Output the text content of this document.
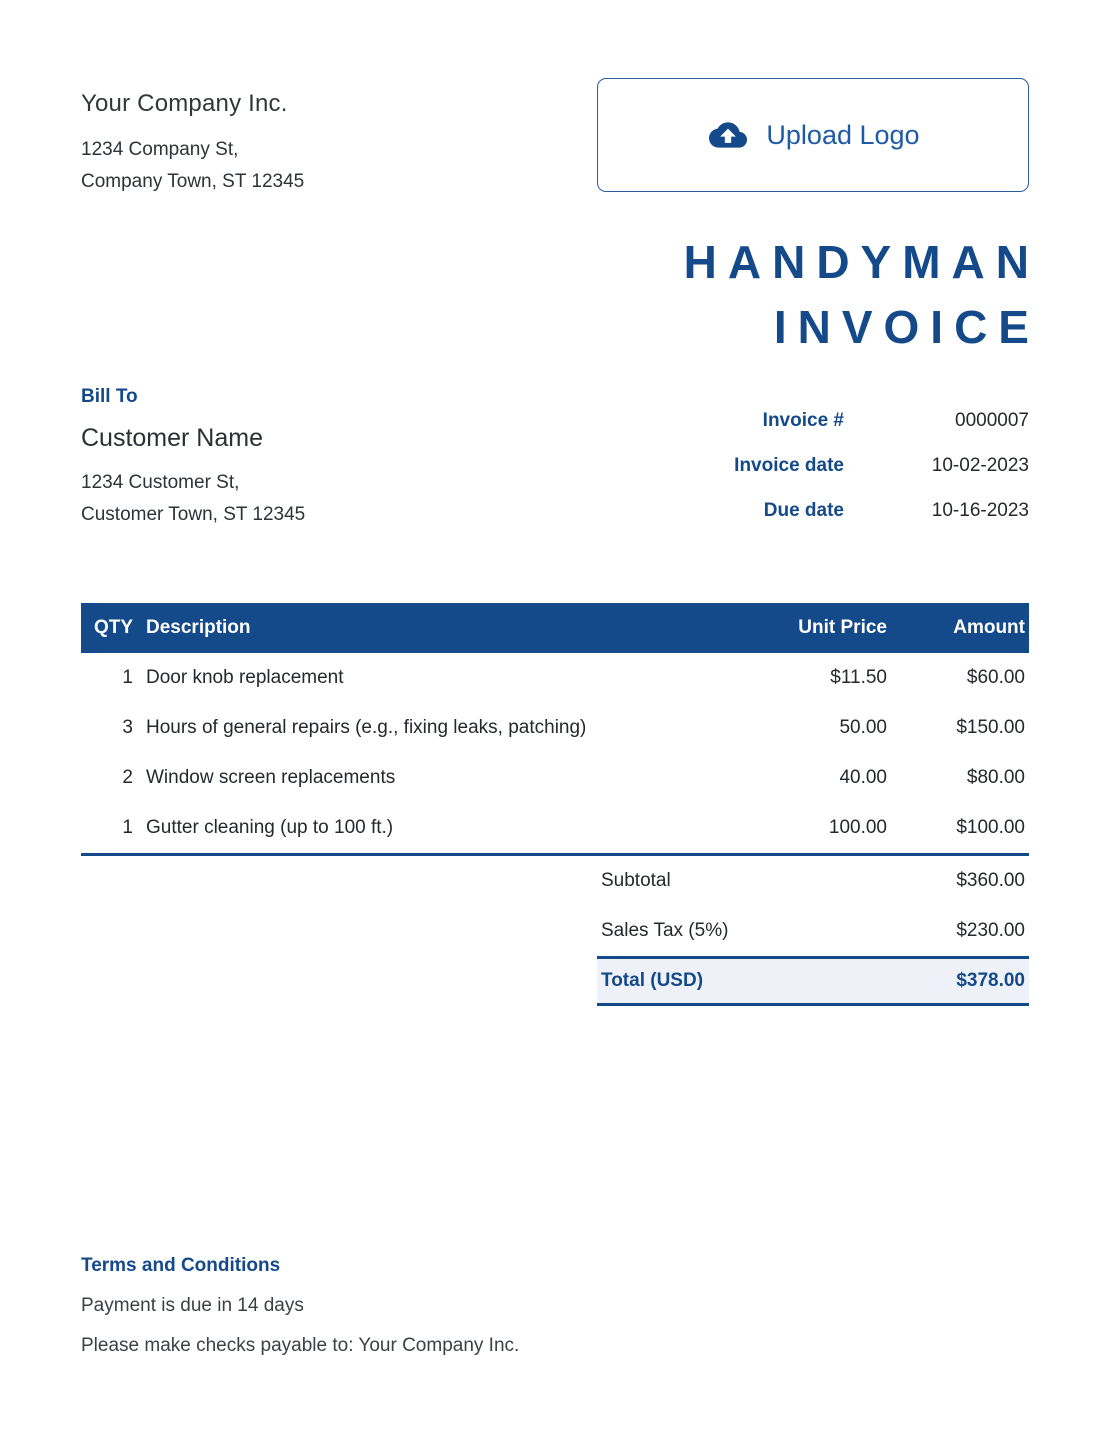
Your Company Inc.
1234 Company St,
Company Town, ST 12345
Upload Logo
HANDYMAN
INVOICE
Bill To
Customer Name
1234 Customer St,
Customer Town, ST 12345
Invoice #	0000007
Invoice date	10-02-2023
Due date	10-16-2023
QTY Description	Unit Price	Amount
1 Door knob replacement	$11.50	$60.00
3 Hours of general repairs (e.g., fixing leaks, patching)	50.00	$150.00
2 Window screen replacements	40.00	$80.00
1 Gutter cleaning (up to 100 ft.)	100.00	$100.00
Subtotal	$360.00
Sales Tax (5%)	$230.00
Total (USD)	$378.00
Terms and Conditions
Payment is due in 14 days
Please make checks payable to: Your Company Inc.
